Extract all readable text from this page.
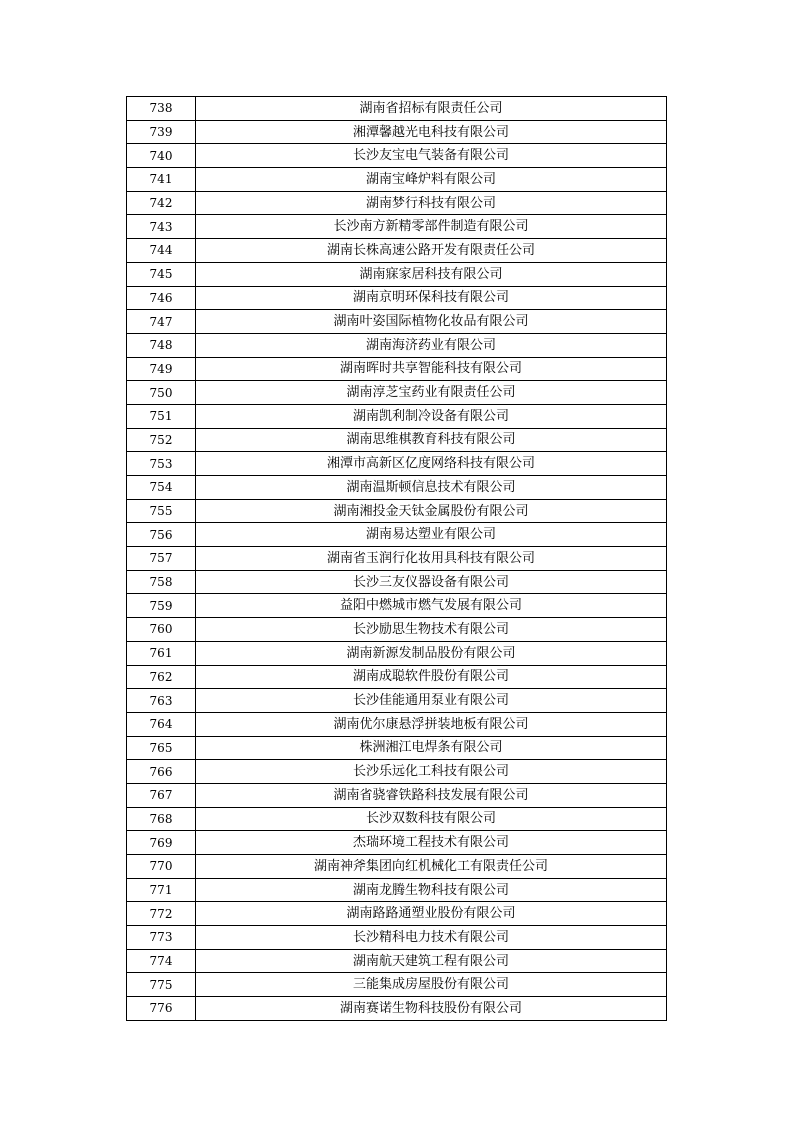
738	湖南省招标有限责任公司
739	湘潭馨越光电科技有限公司
740	长沙友宝电气装备有限公司
741	湖南宝峰炉料有限公司
742	湖南梦行科技有限公司
743	长沙南方新精零部件制造有限公司
744	湖南长株高速公路开发有限责任公司
745	湖南寐家居科技有限公司
746	湖南京明环保科技有限公司
747	湖南叶姿国际植物化妆品有限公司
748	湖南海济药业有限公司
749	湖南晖时共享智能科技有限公司
750	湖南淳芝宝药业有限责任公司
751	湖南凯利制冷设备有限公司
752	湖南思维棋教育科技有限公司
753	湘潭市高新区亿度网络科技有限公司
754	湖南温斯顿信息技术有限公司
755	湖南湘投金天钛金属股份有限公司
756	湖南易达塑业有限公司
757	湖南省玉润行化妆用具科技有限公司
758	长沙三友仪器设备有限公司
759	益阳中燃城市燃气发展有限公司
760	长沙励思生物技术有限公司
761	湖南新源发制品股份有限公司
762	湖南成聪软件股份有限公司
763	长沙佳能通用泵业有限公司
764	湖南优尔康悬浮拼装地板有限公司
765	株洲湘江电焊条有限公司
766	长沙乐远化工科技有限公司
767	湖南省骁睿铁路科技发展有限公司
768	长沙双数科技有限公司
769	杰瑞环境工程技术有限公司
770	湖南神斧集团向红机械化工有限责任公司
771	湖南龙腾生物科技有限公司
772	湖南路路通塑业股份有限公司
773	长沙精科电力技术有限公司
774	湖南航天建筑工程有限公司
775	三能集成房屋股份有限公司
776	湖南赛诺生物科技股份有限公司
